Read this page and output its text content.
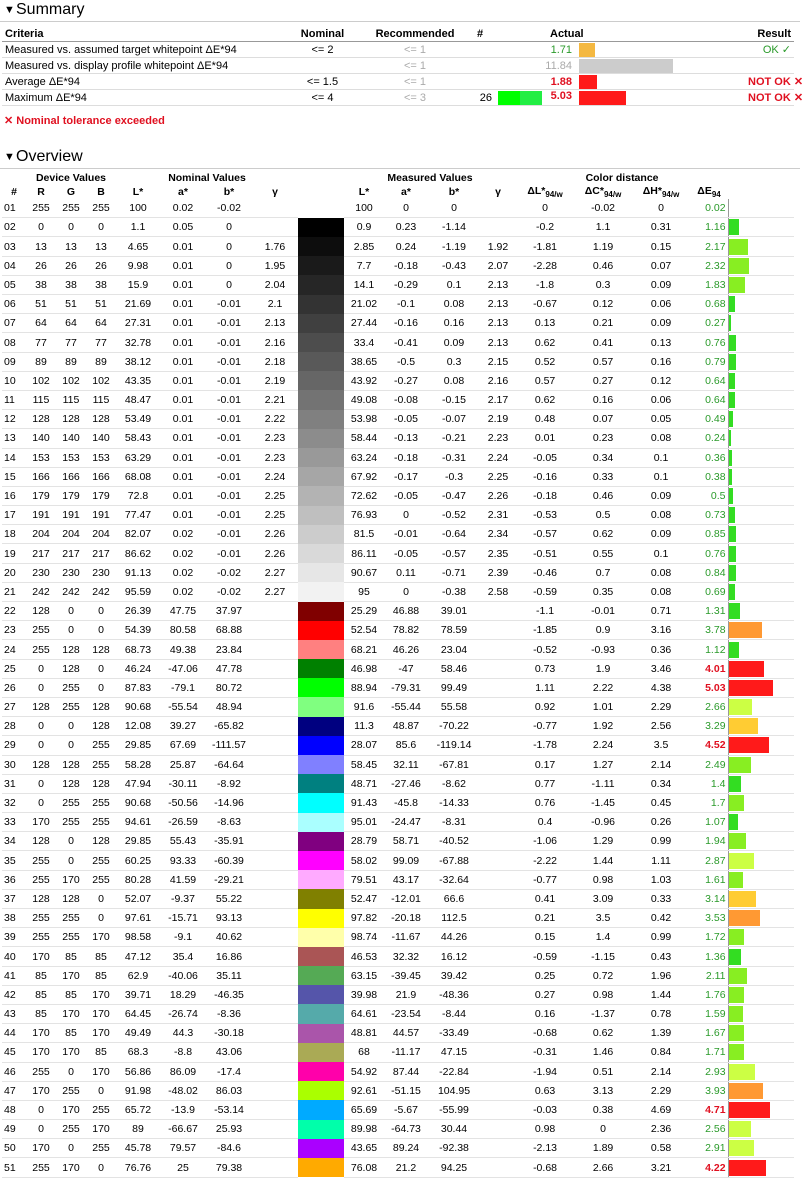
▼Summary
Criteria	Nominal	Recommended	#	Actual		Result
Measured vs. assumed target whitepoint ΔE*94	<= 2	<= 1		1.71		OK ✓
Measured vs. display profile whitepoint ΔE*94		<= 1		11.84		
Average ΔE*94	<= 1.5	<= 1		1.88		NOT OK ✕
Maximum ΔE*94	<= 4	<= 3	26	5.03		NOT OK ✕
✕ Nominal tolerance exceeded
▼Overview
	Device Values			Nominal Values					Measured Values				Color distance				
#	R	G	B	L*	a*	b*	γ		L*	a*	b*	γ	$\Delta L*_{94/w}$	$\Delta C*_{94/w}$	$\Delta H*_{94/w}$	$\Delta E_{94}$	
01	255	255	255	100	0.02	-0.02			100	0	0		0	-0.02	0	0.02	
02	0	0	0	1.1	0.05	0			0.9	0.23	-1.14		-0.2	1.1	0.31	1.16	
03	13	13	13	4.65	0.01	0	1.76		2.85	0.24	-1.19	1.92	-1.81	1.19	0.15	2.17	
04	26	26	26	9.98	0.01	0	1.95		7.7	-0.18	-0.43	2.07	-2.28	0.46	0.07	2.32	
05	38	38	38	15.9	0.01	0	2.04		14.1	-0.29	0.1	2.13	-1.8	0.3	0.09	1.83	
06	51	51	51	21.69	0.01	-0.01	2.1		21.02	-0.1	0.08	2.13	-0.67	0.12	0.06	0.68	
07	64	64	64	27.31	0.01	-0.01	2.13		27.44	-0.16	0.16	2.13	0.13	0.21	0.09	0.27	
08	77	77	77	32.78	0.01	-0.01	2.16		33.4	-0.41	0.09	2.13	0.62	0.41	0.13	0.76	
09	89	89	89	38.12	0.01	-0.01	2.18		38.65	-0.5	0.3	2.15	0.52	0.57	0.16	0.79	
10	102	102	102	43.35	0.01	-0.01	2.19		43.92	-0.27	0.08	2.16	0.57	0.27	0.12	0.64	
11	115	115	115	48.47	0.01	-0.01	2.21		49.08	-0.08	-0.15	2.17	0.62	0.16	0.06	0.64	
12	128	128	128	53.49	0.01	-0.01	2.22		53.98	-0.05	-0.07	2.19	0.48	0.07	0.05	0.49	
13	140	140	140	58.43	0.01	-0.01	2.23		58.44	-0.13	-0.21	2.23	0.01	0.23	0.08	0.24	
14	153	153	153	63.29	0.01	-0.01	2.23		63.24	-0.18	-0.31	2.24	-0.05	0.34	0.1	0.36	
15	166	166	166	68.08	0.01	-0.01	2.24		67.92	-0.17	-0.3	2.25	-0.16	0.33	0.1	0.38	
16	179	179	179	72.8	0.01	-0.01	2.25		72.62	-0.05	-0.47	2.26	-0.18	0.46	0.09	0.5	
17	191	191	191	77.47	0.01	-0.01	2.25		76.93	0	-0.52	2.31	-0.53	0.5	0.08	0.73	
18	204	204	204	82.07	0.02	-0.01	2.26		81.5	-0.01	-0.64	2.34	-0.57	0.62	0.09	0.85	
19	217	217	217	86.62	0.02	-0.01	2.26		86.11	-0.05	-0.57	2.35	-0.51	0.55	0.1	0.76	
20	230	230	230	91.13	0.02	-0.02	2.27		90.67	0.11	-0.71	2.39	-0.46	0.7	0.08	0.84	
21	242	242	242	95.59	0.02	-0.02	2.27		95	0	-0.38	2.58	-0.59	0.35	0.08	0.69	
22	128	0	0	26.39	47.75	37.97			25.29	46.88	39.01		-1.1	-0.01	0.71	1.31	
23	255	0	0	54.39	80.58	68.88			52.54	78.82	78.59		-1.85	0.9	3.16	3.78	
24	255	128	128	68.73	49.38	23.84			68.21	46.26	23.04		-0.52	-0.93	0.36	1.12	
25	0	128	0	46.24	-47.06	47.78			46.98	-47	58.46		0.73	1.9	3.46	4.01	
26	0	255	0	87.83	-79.1	80.72			88.94	-79.31	99.49		1.11	2.22	4.38	5.03	
27	128	255	128	90.68	-55.54	48.94			91.6	-55.44	55.58		0.92	1.01	2.29	2.66	
28	0	0	128	12.08	39.27	-65.82			11.3	48.87	-70.22		-0.77	1.92	2.56	3.29	
29	0	0	255	29.85	67.69	-111.57			28.07	85.6	-119.14		-1.78	2.24	3.5	4.52	
30	128	128	255	58.28	25.87	-64.64			58.45	32.11	-67.81		0.17	1.27	2.14	2.49	
31	0	128	128	47.94	-30.11	-8.92			48.71	-27.46	-8.62		0.77	-1.11	0.34	1.4	
32	0	255	255	90.68	-50.56	-14.96			91.43	-45.8	-14.33		0.76	-1.45	0.45	1.7	
33	170	255	255	94.61	-26.59	-8.63			95.01	-24.47	-8.31		0.4	-0.96	0.26	1.07	
34	128	0	128	29.85	55.43	-35.91			28.79	58.71	-40.52		-1.06	1.29	0.99	1.94	
35	255	0	255	60.25	93.33	-60.39			58.02	99.09	-67.88		-2.22	1.44	1.11	2.87	
36	255	170	255	80.28	41.59	-29.21			79.51	43.17	-32.64		-0.77	0.98	1.03	1.61	
37	128	128	0	52.07	-9.37	55.22			52.47	-12.01	66.6		0.41	3.09	0.33	3.14	
38	255	255	0	97.61	-15.71	93.13			97.82	-20.18	112.5		0.21	3.5	0.42	3.53	
39	255	255	170	98.58	-9.1	40.62			98.74	-11.67	44.26		0.15	1.4	0.99	1.72	
40	170	85	85	47.12	35.4	16.86			46.53	32.32	16.12		-0.59	-1.15	0.43	1.36	
41	85	170	85	62.9	-40.06	35.11			63.15	-39.45	39.42		0.25	0.72	1.96	2.11	
42	85	85	170	39.71	18.29	-46.35			39.98	21.9	-48.36		0.27	0.98	1.44	1.76	
43	85	170	170	64.45	-26.74	-8.36			64.61	-23.54	-8.44		0.16	-1.37	0.78	1.59	
44	170	85	170	49.49	44.3	-30.18			48.81	44.57	-33.49		-0.68	0.62	1.39	1.67	
45	170	170	85	68.3	-8.8	43.06			68	-11.17	47.15		-0.31	1.46	0.84	1.71	
46	255	0	170	56.86	86.09	-17.4			54.92	87.44	-22.84		-1.94	0.51	2.14	2.93	
47	170	255	0	91.98	-48.02	86.03			92.61	-51.15	104.95		0.63	3.13	2.29	3.93	
48	0	170	255	65.72	-13.9	-53.14			65.69	-5.67	-55.99		-0.03	0.38	4.69	4.71	
49	0	255	170	89	-66.67	25.93			89.98	-64.73	30.44		0.98	0	2.36	2.56	
50	170	0	255	45.78	79.57	-84.6			43.65	89.24	-92.38		-2.13	1.89	0.58	2.91	
51	255	170	0	76.76	25	79.38			76.08	21.2	94.25		-0.68	2.66	3.21	4.22	
